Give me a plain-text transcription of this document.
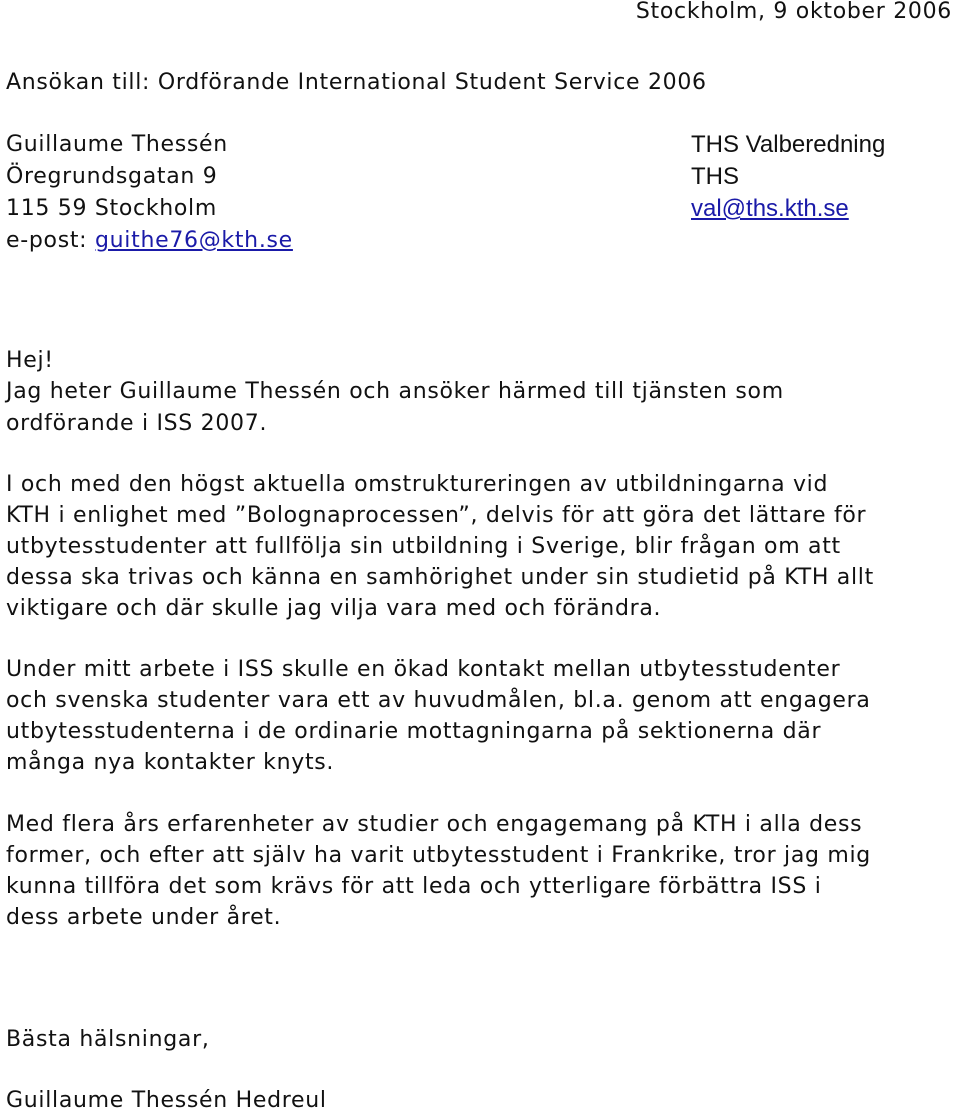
Stockholm, 9 oktober 2006
Ansökan till: Ordförande International Student Service 2006
Guillaume Thessén
Öregrundsgatan 9
115 59 Stockholm
e-post: guithe76@kth.se
THS Valberedning
THS
val@ths.kth.se
Hej!
Jag heter Guillaume Thessén och ansöker härmed till tjänsten som
ordförande i ISS 2007.
I och med den högst aktuella omstruktureringen av utbildningarna vid
KTH i enlighet med ”Bolognaprocessen”, delvis för att göra det lättare för
utbytesstudenter att fullfölja sin utbildning i Sverige, blir frågan om att
dessa ska trivas och känna en samhörighet under sin studietid på KTH allt
viktigare och där skulle jag vilja vara med och förändra.
Under mitt arbete i ISS skulle en ökad kontakt mellan utbytesstudenter
och svenska studenter vara ett av huvudmålen, bl.a. genom att engagera
utbytesstudenterna i de ordinarie mottagningarna på sektionerna där
många nya kontakter knyts.
Med flera års erfarenheter av studier och engagemang på KTH i alla dess
former, och efter att själv ha varit utbytesstudent i Frankrike, tror jag mig
kunna tillföra det som krävs för att leda och ytterligare förbättra ISS i
dess arbete under året.
Bästa hälsningar,
Guillaume Thessén Hedreul
